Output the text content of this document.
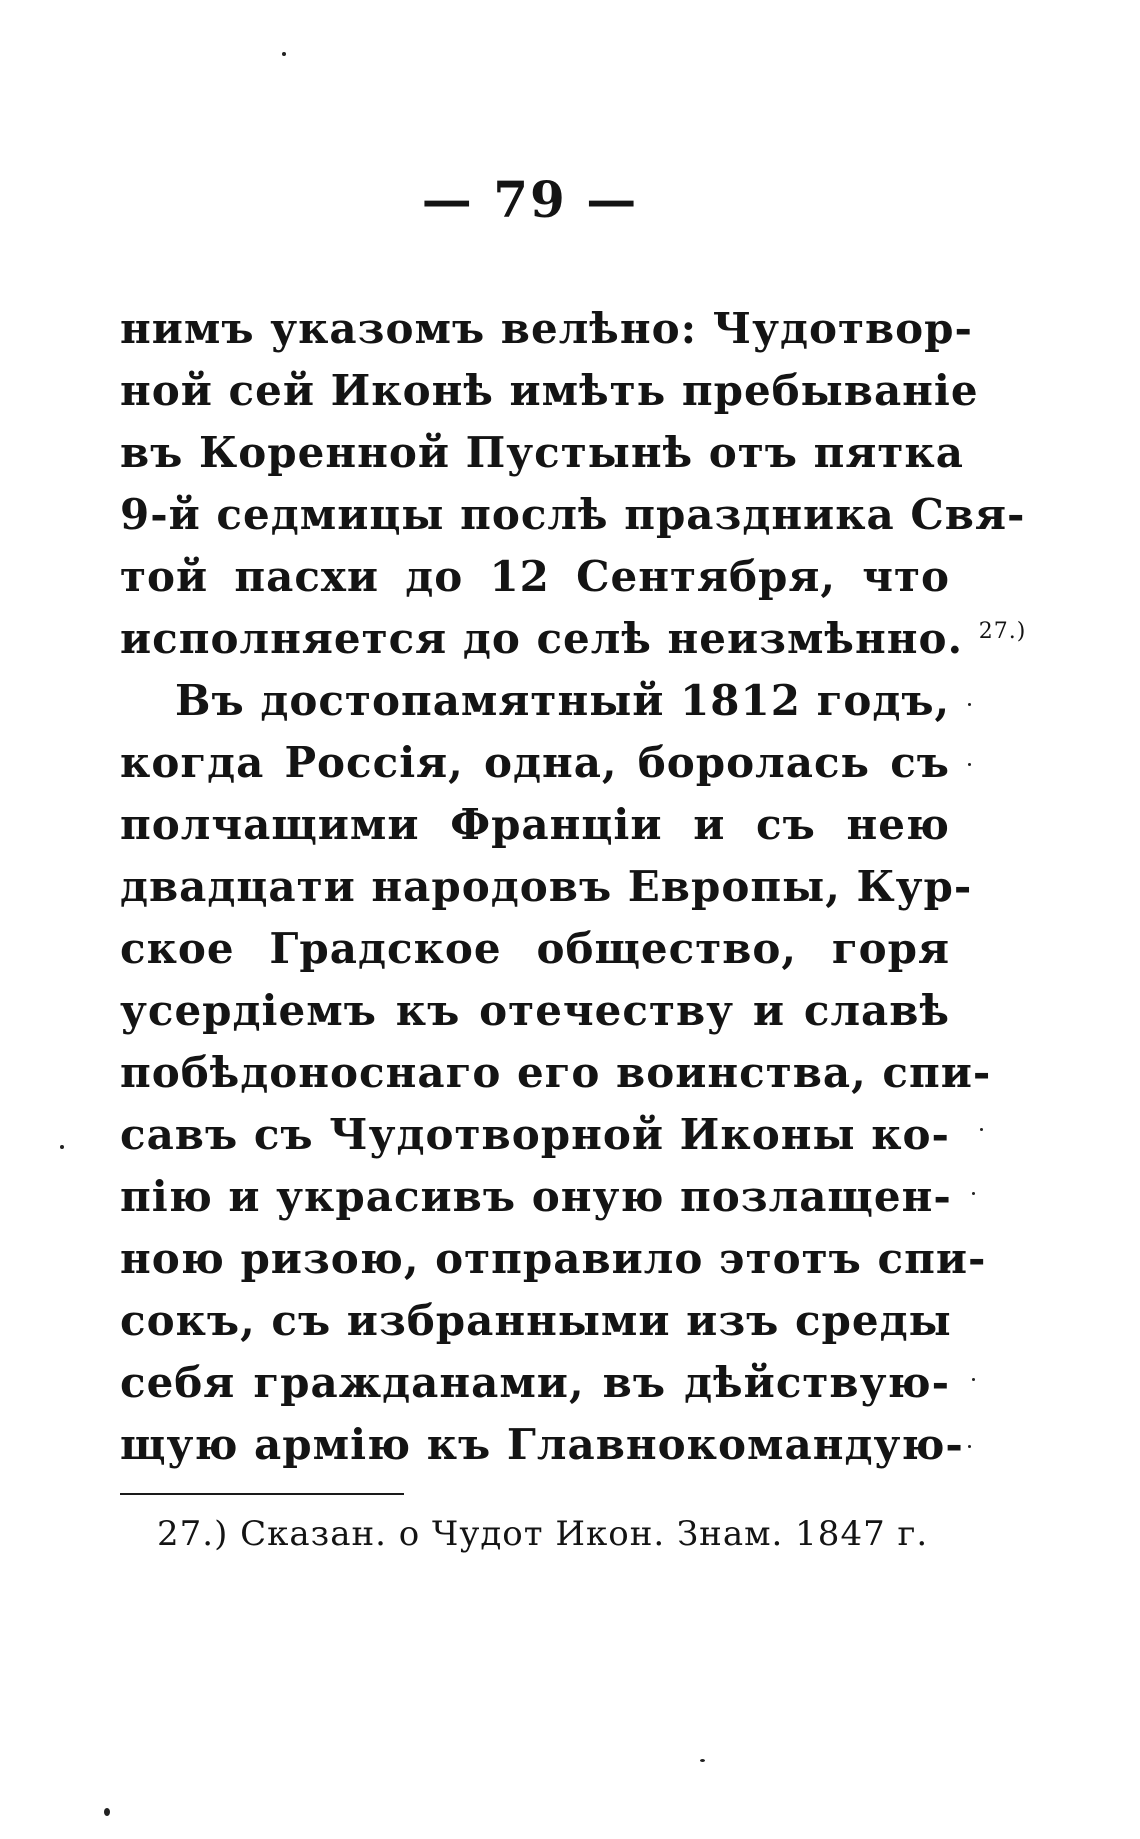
— 79 —
нимъ указомъ велѣно: Чудотвор-
ной сей Иконѣ имѣть пребываніе
въ Коренной Пустынѣ отъ пятка
9-й седмицы послѣ праздника Свя-
той пасхи до 12 Сентября, что
исполняется до селѣ неизмѣнно. $^{27.)}$
Въ достопамятный 1812 годъ,
когда Россія, одна, боролась съ
полчащими Франціи и съ нею
двадцати народовъ Европы, Кур-
ское Градское общество, горя
усердіемъ къ отечеству и славѣ
побѣдоноснаго его воинства, спи-
савъ съ Чудотворной Иконы ко-
пію и украсивъ оную позлащен-
ною ризою, отправило этотъ спи-
сокъ, съ избранными изъ среды
себя гражданами, въ дѣйствую-
щую армію къ Главнокомандую-
27.) Сказан. о Чудот Икон. Знам. 1847 г.
